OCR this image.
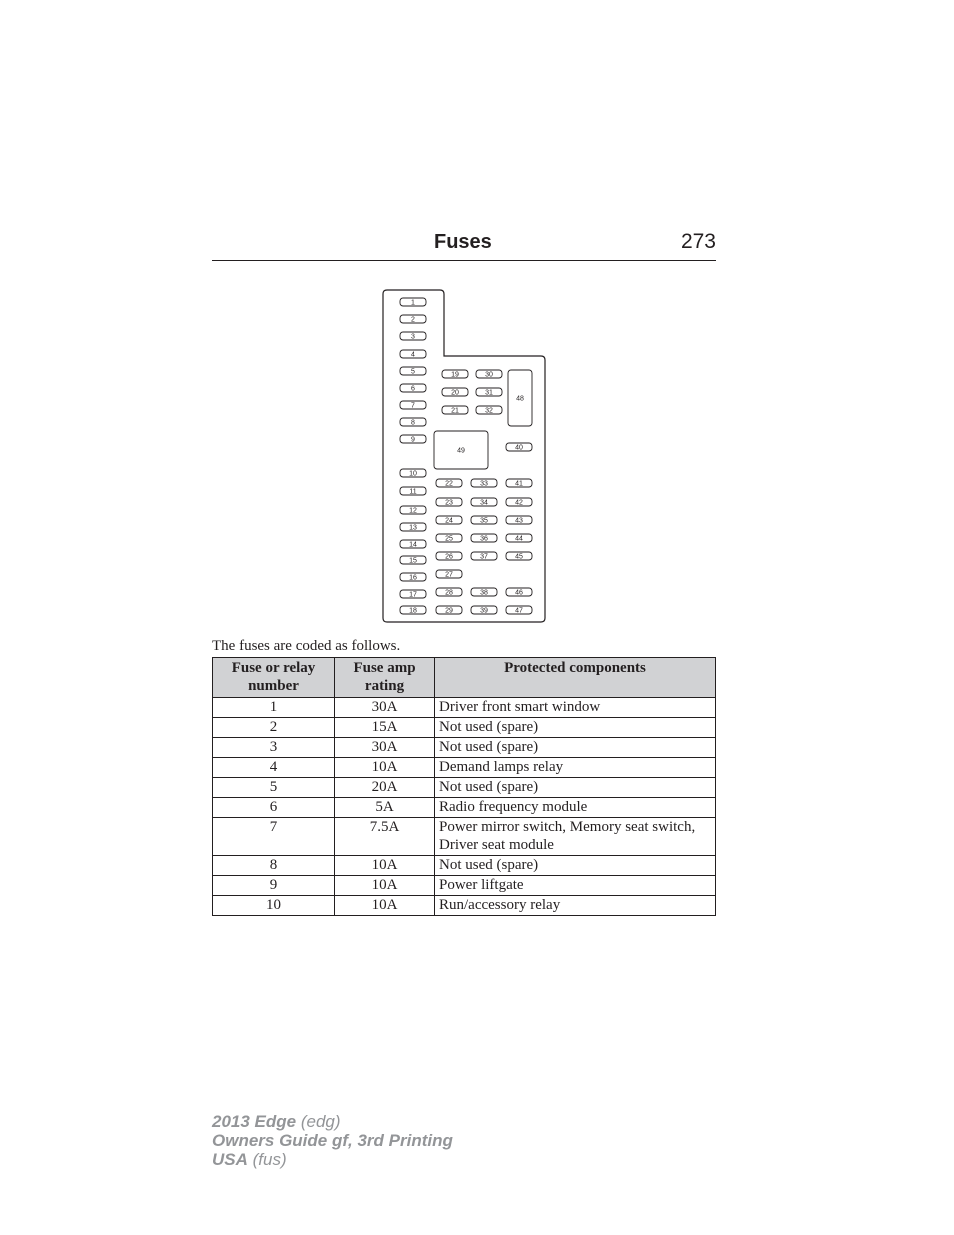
Fuses	273
1
2
3
4
5
6
7
8
9
10
11
12
13
14
15
16
17
18
19	30
20	31
21	32
48
49	40
22
23
24
25
26
27
28
29
33
34
35
36
37
38
39
41
42
43
44
45
46
47
The fuses are coded as follows.
Fuse or relay number	Fuse amp rating	Protected components
1	30A	Driver front smart window
2	15A	Not used (spare)
3	30A	Not used (spare)
4	10A	Demand lamps relay
5	20A	Not used (spare)
6	5A	Radio frequency module
7	7.5A	Power mirror switch, Memory seat switch, Driver seat module
8	10A	Not used (spare)
9	10A	Power liftgate
10	10A	Run/accessory relay
2013 Edge (edg)
Owners Guide gf, 3rd Printing
USA (fus)
